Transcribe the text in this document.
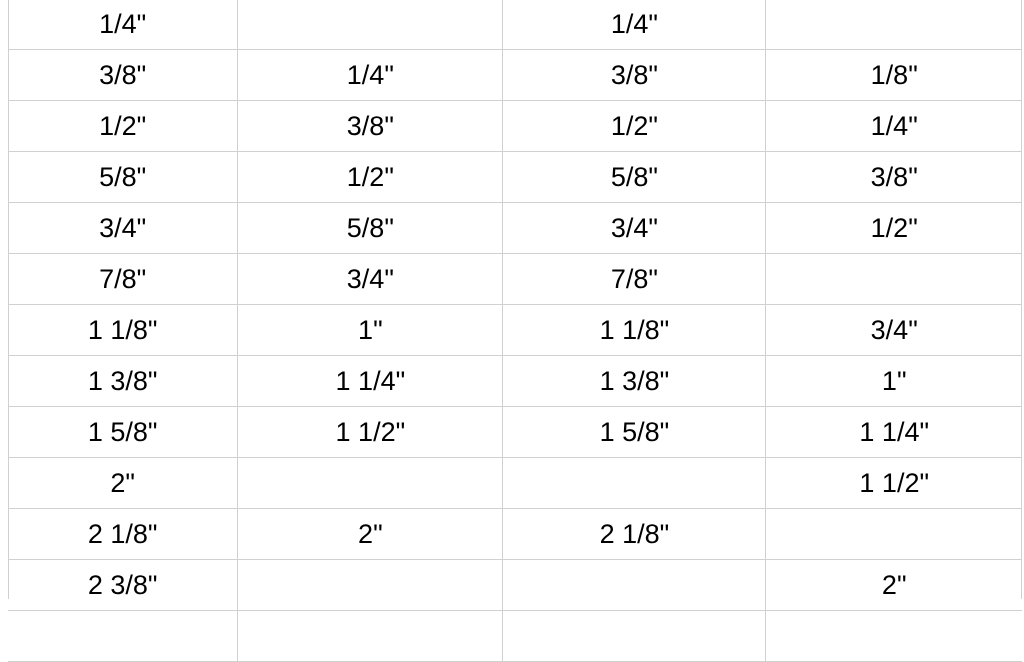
1/4"		1/4"	
3/8"	1/4"	3/8"	1/8"
1/2"	3/8"	1/2"	1/4"
5/8"	1/2"	5/8"	3/8"
3/4"	5/8"	3/4"	1/2"
7/8"	3/4"	7/8"	
1 1/8"	1"	1 1/8"	3/4"
1 3/8"	1 1/4"	1 3/8"	1"
1 5/8"	1 1/2"	1 5/8"	1 1/4"
2"			1 1/2"
2 1/8"	2"	2 1/8"	
2 3/8"			2"
